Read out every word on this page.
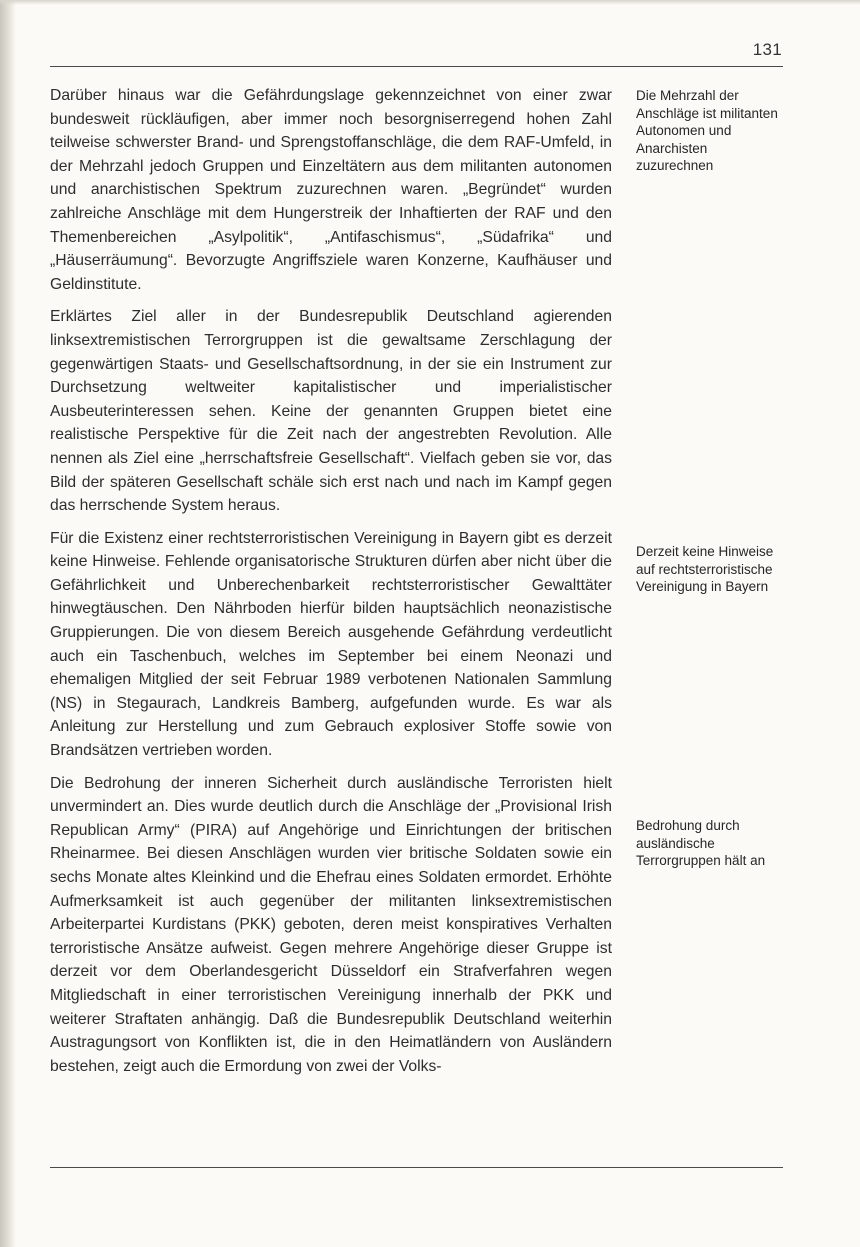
131

Darüber hinaus war die Gefährdungslage gekennzeichnet von einer zwar bundesweit rückläufigen, aber immer noch besorgniserregend hohen Zahl teilweise schwerster Brand- und Sprengstoffanschläge, die dem RAF-Umfeld, in der Mehrzahl jedoch Gruppen und Einzeltätern aus dem militanten autonomen und anarchistischen Spektrum zuzurechnen waren. „Begründet“ wurden zahlreiche Anschläge mit dem Hungerstreik der Inhaftierten der RAF und den Themenbereichen „Asylpolitik“, „Antifaschismus“, „Südafrika“ und „Häuserräumung“. Bevorzugte Angriffsziele waren Konzerne, Kaufhäuser und Geldinstitute.

Erklärtes Ziel aller in der Bundesrepublik Deutschland agierenden linksextremistischen Terrorgruppen ist die gewaltsame Zerschlagung der gegenwärtigen Staats- und Gesellschaftsordnung, in der sie ein Instrument zur Durchsetzung weltweiter kapitalistischer und imperialistischer Ausbeuterinteressen sehen. Keine der genannten Gruppen bietet eine realistische Perspektive für die Zeit nach der angestrebten Revolution. Alle nennen als Ziel eine „herrschaftsfreie Gesellschaft“. Vielfach geben sie vor, das Bild der späteren Gesellschaft schäle sich erst nach und nach im Kampf gegen das herrschende System heraus.

Für die Existenz einer rechtsterroristischen Vereinigung in Bayern gibt es derzeit keine Hinweise. Fehlende organisatorische Strukturen dürfen aber nicht über die Gefährlichkeit und Unberechenbarkeit rechtsterroristischer Gewalttäter hinwegtäuschen. Den Nährboden hierfür bilden hauptsächlich neonazistische Gruppierungen. Die von diesem Bereich ausgehende Gefährdung verdeutlicht auch ein Taschenbuch, welches im September bei einem Neonazi und ehemaligen Mitglied der seit Februar 1989 verbotenen Nationalen Sammlung (NS) in Stegaurach, Landkreis Bamberg, aufgefunden wurde. Es war als Anleitung zur Herstellung und zum Gebrauch explosiver Stoffe sowie von Brandsätzen vertrieben worden.

Die Bedrohung der inneren Sicherheit durch ausländische Terroristen hielt unvermindert an. Dies wurde deutlich durch die Anschläge der „Provisional Irish Republican Army“ (PIRA) auf Angehörige und Einrichtungen der britischen Rheinarmee. Bei diesen Anschlägen wurden vier britische Soldaten sowie ein sechs Monate altes Kleinkind und die Ehefrau eines Soldaten ermordet. Erhöhte Aufmerksamkeit ist auch gegenüber der militanten linksextremistischen Arbeiterpartei Kurdistans (PKK) geboten, deren meist konspiratives Verhalten terroristische Ansätze aufweist. Gegen mehrere Angehörige dieser Gruppe ist derzeit vor dem Oberlandesgericht Düsseldorf ein Strafverfahren wegen Mitgliedschaft in einer terroristischen Vereinigung innerhalb der PKK und weiterer Straftaten anhängig. Daß die Bundesrepublik Deutschland weiterhin Austragungsort von Konflikten ist, die in den Heimatländern von Ausländern bestehen, zeigt auch die Ermordung von zwei der Volks-

Die Mehrzahl der Anschläge ist militanten Autonomen und Anarchisten zuzurechnen

Derzeit keine Hinweise auf rechtsterroristische Vereinigung in Bayern

Bedrohung durch ausländische Terrorgruppen hält an
